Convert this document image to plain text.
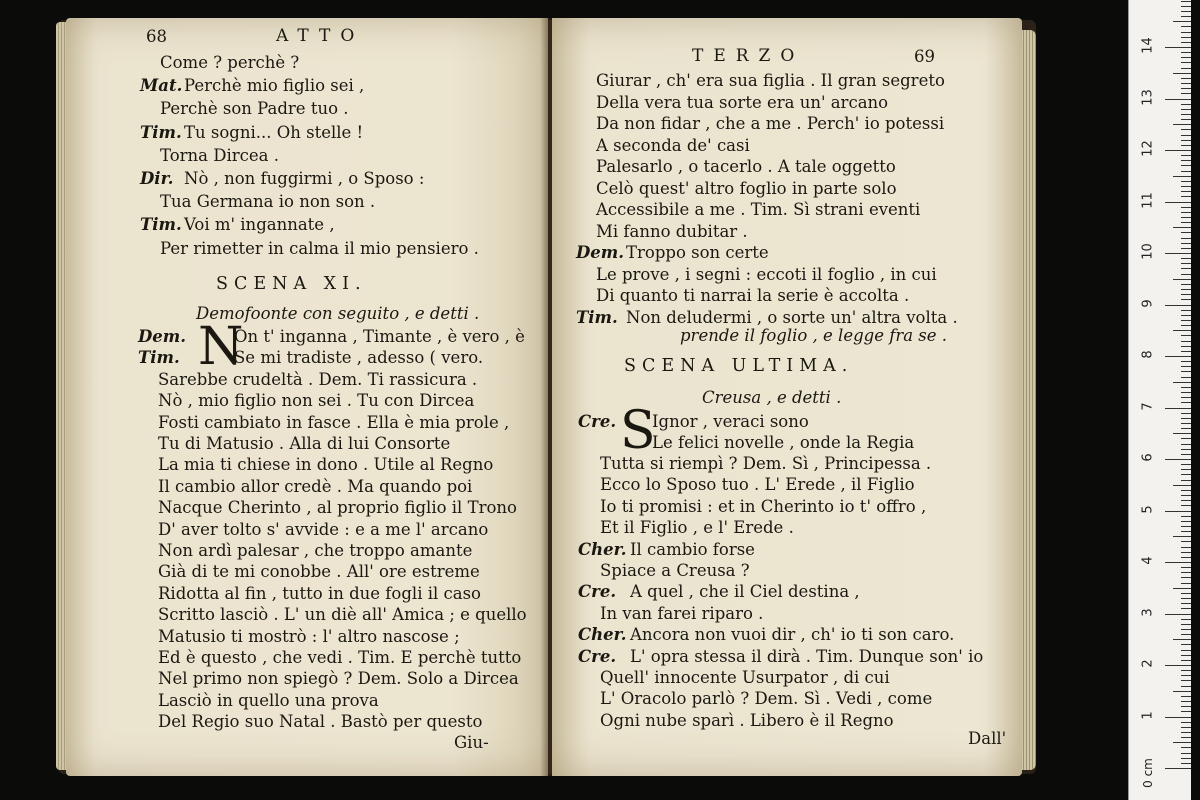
68	ATTO
Come ? perchè ?
Mat. Perchè mio figlio sei ,
Perchè son Padre tuo .
Tim. Tu sogni... Oh stelle !
Torna Dircea .
Dir. Nò , non fuggirmi , o Sposo :
Tua Germana io non son .
Tim. Voi m' ingannate ,
Per rimetter in calma il mio pensiero .
SCENA XI.
Demofoonte con seguito , e detti .
Dem.
Tim. N
On t' inganna , Timante , è vero , è
Se mi tradiste , adesso ( vero.
Sarebbe crudeltà . Dem. Ti rassicura .
Nò , mio figlio non sei . Tu con Dircea
Fosti cambiato in fasce . Ella è mia prole ,
Tu di Matusio . Alla di lui Consorte
La mia ti chiese in dono . Utile al Regno
Il cambio allor credè . Ma quando poi
Nacque Cherinto , al proprio figlio il Trono
D' aver tolto s' avvide : e a me l' arcano
Non ardì palesar , che troppo amante
Già di te mi conobbe . All' ore estreme
Ridotta al fin , tutto in due fogli il caso
Scritto lasciò . L' un diè all' Amica ; e quello
Matusio ti mostrò : l' altro nascose ;
Ed è questo , che vedi . Tim. E perchè tutto
Nel primo non spiegò ? Dem. Solo a Dircea
Lasciò in quello una prova
Del Regio suo Natal . Bastò per questo
Giu-
TERZO	69
Giurar , ch' era sua figlia . Il gran segreto
Della vera tua sorte era un' arcano
Da non fidar , che a me . Perch' io potessi
A seconda de' casi
Palesarlo , o tacerlo . A tale oggetto
Celò quest' altro foglio in parte solo
Accessibile a me . Tim. Sì strani eventi
Mi fanno dubitar .
Dem. Troppo son certe
Le prove , i segni : eccoti il foglio , in cui
Di quanto ti narrai la serie è accolta .
Tim. Non deludermi , o sorte un' altra volta .
prende il foglio , e legge fra se .
SCENA ULTIMA.
Creusa , e detti .
Cre. S
Ignor , veraci sono
Le felici novelle , onde la Regia
Tutta si riempì ? Dem. Sì , Principessa .
Ecco lo Sposo tuo . L' Erede , il Figlio
Io ti promisi : et in Cherinto io t' offro ,
Et il Figlio , e l' Erede .
Cher. Il cambio forse
Spiace a Creusa ?
Cre. A quel , che il Ciel destina ,
In van farei riparo .
Cher. Ancora non vuoi dir , ch' io ti son caro.
Cre. L' opra stessa il dirà . Tim. Dunque son' io
Quell' innocente Usurpator , di cui
L' Oracolo parlò ? Dem. Sì . Vedi , come
Ogni nube sparì . Libero è il Regno
Dall'
0 cm
1
2
3
4
5
6
7
8
9
10
11
12
13
14
